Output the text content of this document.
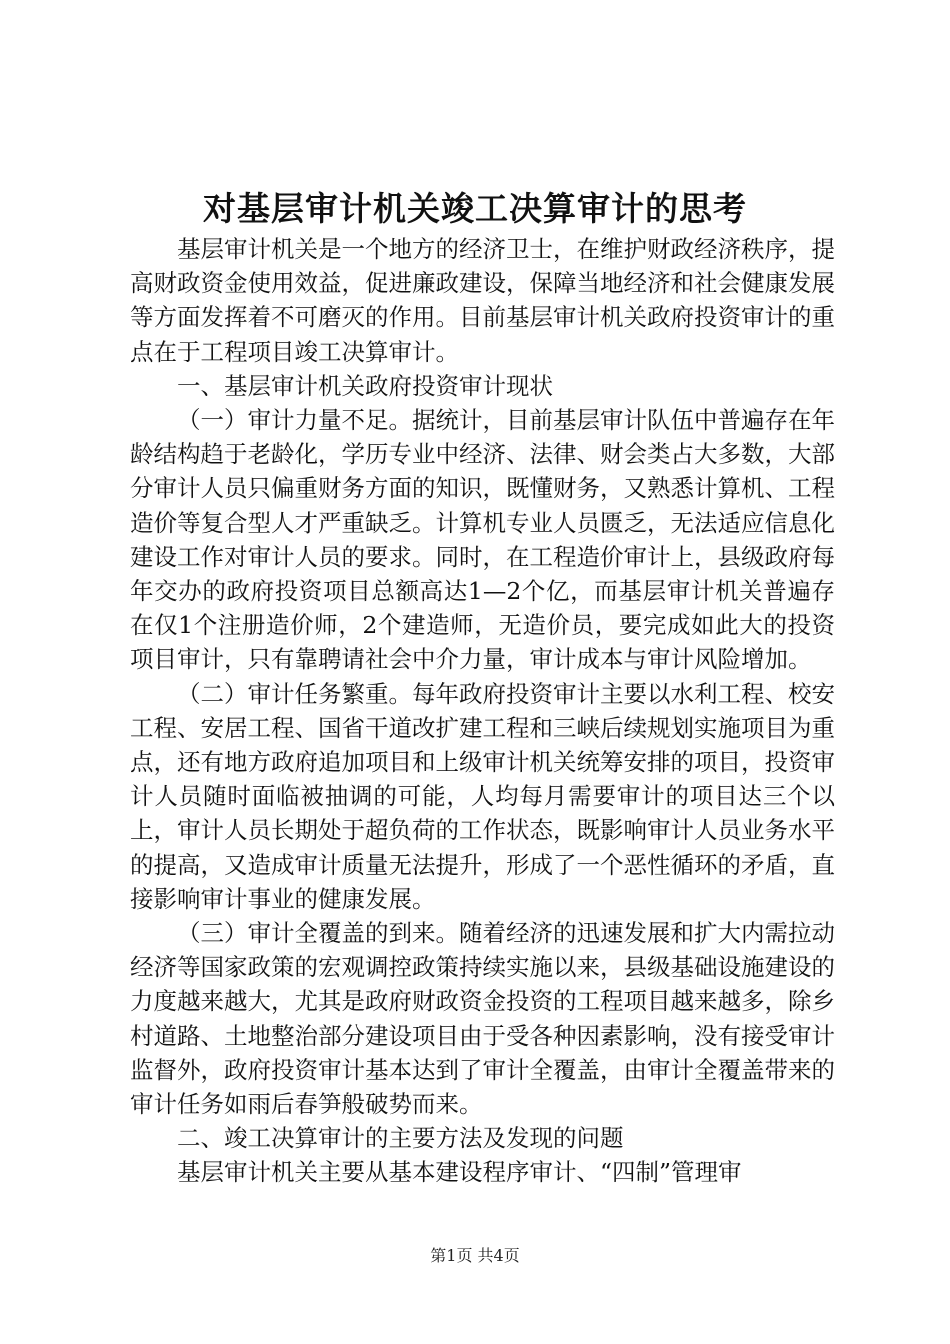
对基层审计机关竣工决算审计的思考

基层审计机关是一个地方的经济卫士，在维护财政经济秩序，提高财政资金使用效益，促进廉政建设，保障当地经济和社会健康发展等方面发挥着不可磨灭的作用。目前基层审计机关政府投资审计的重点在于工程项目竣工决算审计。

一、基层审计机关政府投资审计现状

（一）审计力量不足。据统计，目前基层审计队伍中普遍存在年龄结构趋于老龄化，学历专业中经济、法律、财会类占大多数，大部分审计人员只偏重财务方面的知识，既懂财务，又熟悉计算机、工程造价等复合型人才严重缺乏。计算机专业人员匮乏，无法适应信息化建设工作对审计人员的要求。同时，在工程造价审计上，县级政府每年交办的政府投资项目总额高达1—2个亿，而基层审计机关普遍存在仅1个注册造价师，2个建造师，无造价员，要完成如此大的投资项目审计，只有靠聘请社会中介力量，审计成本与审计风险增加。

（二）审计任务繁重。每年政府投资审计主要以水利工程、校安工程、安居工程、国省干道改扩建工程和三峡后续规划实施项目为重点，还有地方政府追加项目和上级审计机关统筹安排的项目，投资审计人员随时面临被抽调的可能，人均每月需要审计的项目达三个以上，审计人员长期处于超负荷的工作状态，既影响审计人员业务水平的提高，又造成审计质量无法提升，形成了一个恶性循环的矛盾，直接影响审计事业的健康发展。

（三）审计全覆盖的到来。随着经济的迅速发展和扩大内需拉动经济等国家政策的宏观调控政策持续实施以来，县级基础设施建设的力度越来越大，尤其是政府财政资金投资的工程项目越来越多，除乡村道路、土地整治部分建设项目由于受各种因素影响，没有接受审计监督外，政府投资审计基本达到了审计全覆盖，由审计全覆盖带来的审计任务如雨后春笋般破势而来。

二、竣工决算审计的主要方法及发现的问题

基层审计机关主要从基本建设程序审计、“四制”管理审

第1页 共4页
